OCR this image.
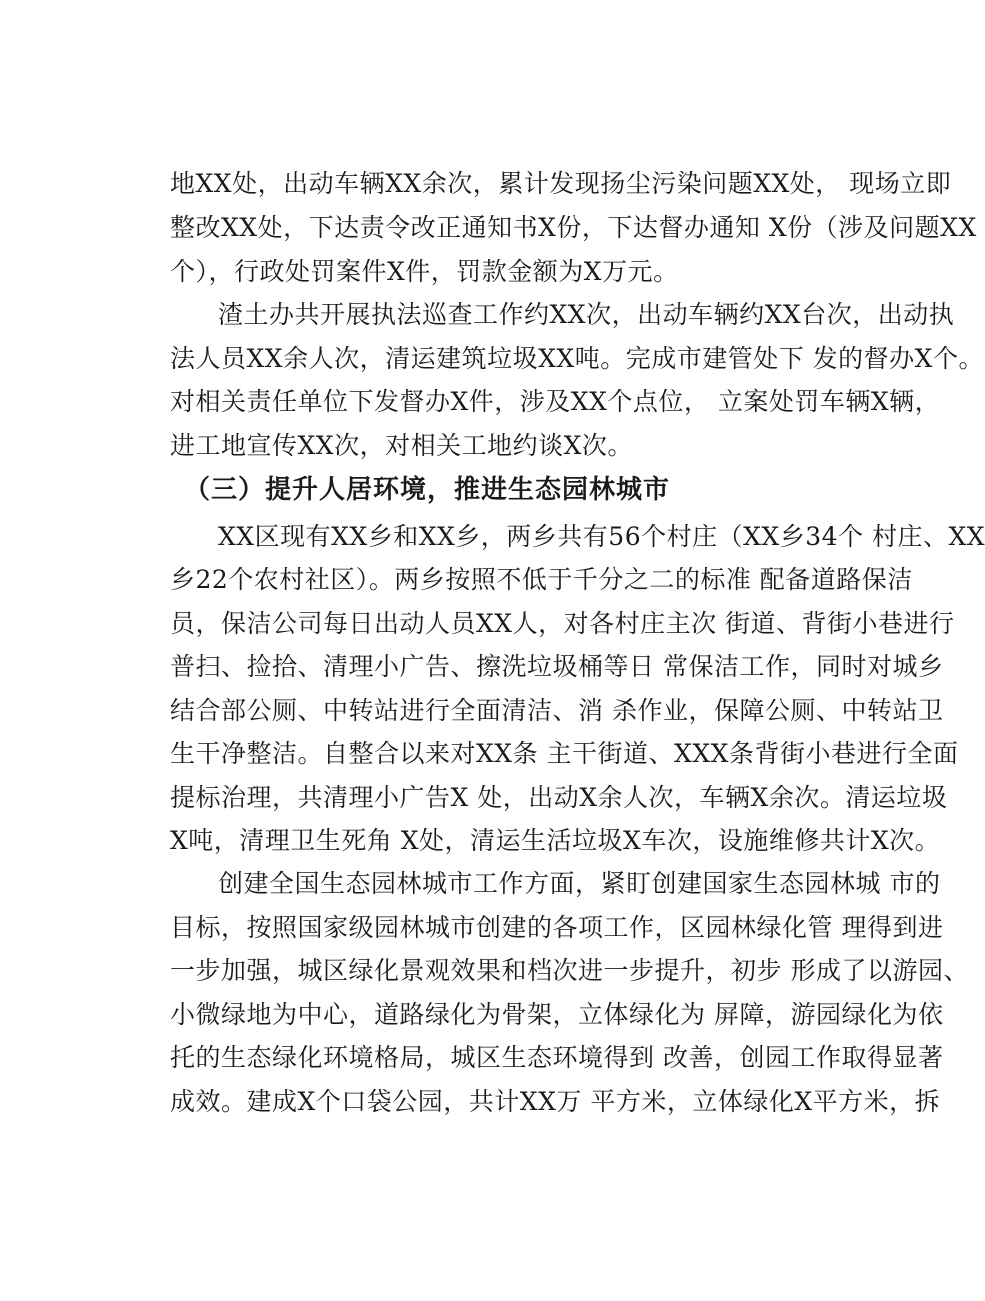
地XX处，出动车辆XX余次，累计发现扬尘污染问题XX处， 现场立即
整改XX处，下达责令改正通知书X份，下达督办通知 X份（涉及问题XX
个），行政处罚案件X件，罚款金额为X万元。
渣土办共开展执法巡查工作约XX次，出动车辆约XX台次，出动执
法人员XX余人次，清运建筑垃圾XX吨。完成市建管处下 发的督办X个。
对相关责任单位下发督办X件，涉及XX个点位， 立案处罚车辆X辆，
进工地宣传XX次，对相关工地约谈X次。
（三）提升人居环境，推进生态园林城市
XX区现有XX乡和XX乡，两乡共有56个村庄（XX乡34个 村庄、XX
乡22个农村社区）。两乡按照不低于千分之二的标准 配备道路保洁
员，保洁公司每日出动人员XX人，对各村庄主次 街道、背街小巷进行
普扫、捡拾、清理小广告、擦洗垃圾桶等日 常保洁工作，同时对城乡
结合部公厕、中转站进行全面清洁、消 杀作业，保障公厕、中转站卫
生干净整洁。自整合以来对XX条 主干街道、XXX条背街小巷进行全面
提标治理，共清理小广告X 处，出动X余人次，车辆X余次。清运垃圾
X吨，清理卫生死角 X处，清运生活垃圾X车次，设施维修共计X次。
创建全国生态园林城市工作方面，紧盯创建国家生态园林城 市的
目标，按照国家级园林城市创建的各项工作，区园林绿化管 理得到进
一步加强，城区绿化景观效果和档次进一步提升，初步 形成了以游园、
小微绿地为中心，道路绿化为骨架，立体绿化为 屏障，游园绿化为依
托的生态绿化环境格局，城区生态环境得到 改善，创园工作取得显著
成效。建成X个口袋公园，共计XX万 平方米，立体绿化X平方米，拆
